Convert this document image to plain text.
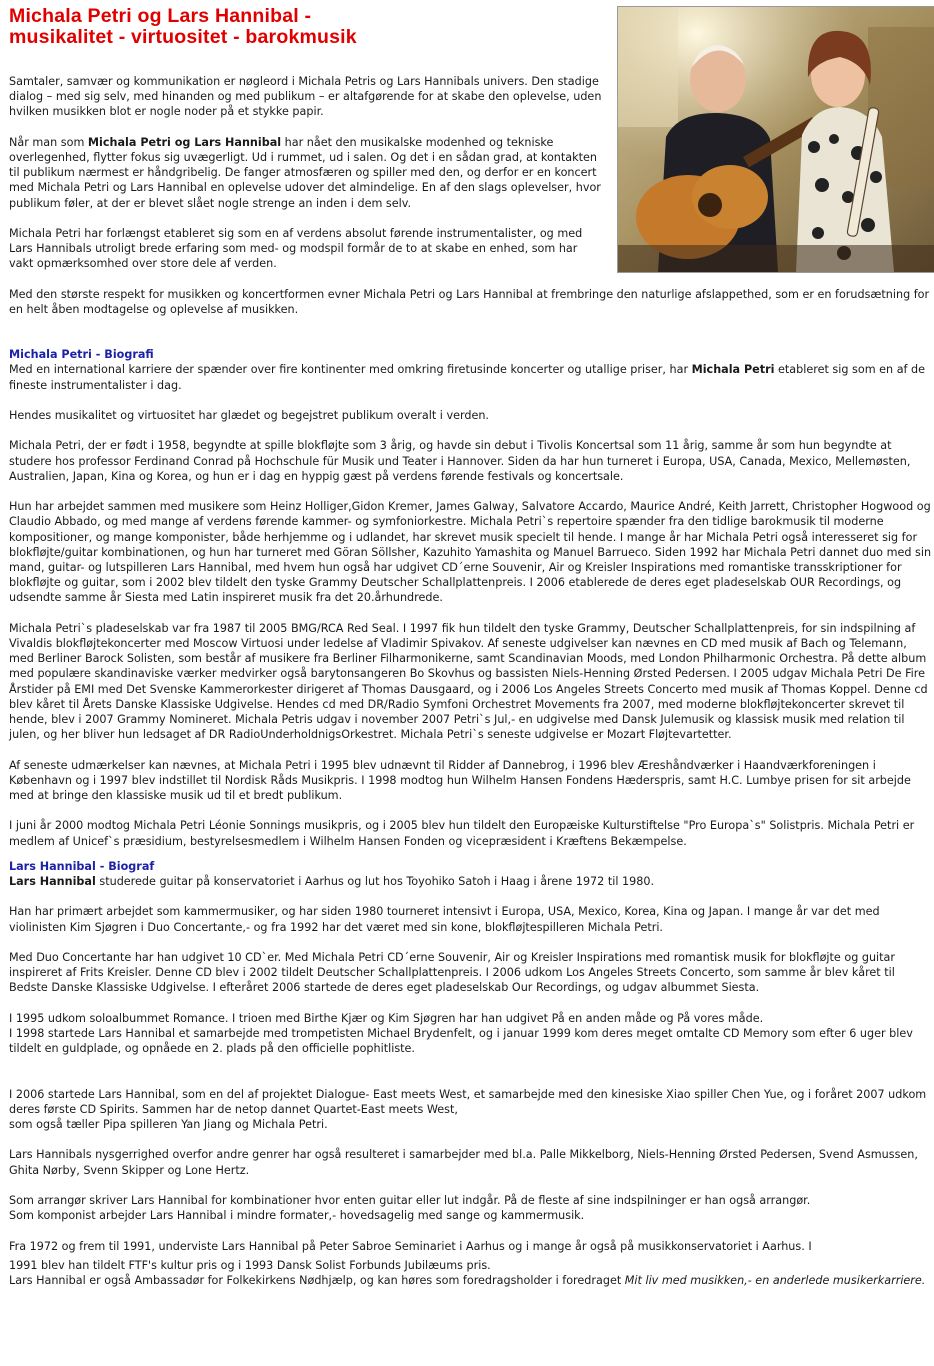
Michala Petri og Lars Hannibal -
musikalitet - virtuositet - barokmusik

Samtaler, samvær og kommunikation er nøgleord i Michala Petris og Lars Hannibals univers. Den stadige dialog – med sig selv, med hinanden og med publikum – er altafgørende for at skabe den oplevelse, uden hvilken musikken blot er nogle noder på et stykke papir.

Når man som Michala Petri og Lars Hannibal har nået den musikalske modenhed og tekniske overlegenhed, flytter fokus sig uvægerligt. Ud i rummet, ud i salen. Og det i en sådan grad, at kontakten til publikum nærmest er håndgribelig. De fanger atmosfæren og spiller med den, og derfor er en koncert med Michala Petri og Lars Hannibal en oplevelse udover det almindelige. En af den slags oplevelser, hvor publikum føler, at der er blevet slået nogle strenge an inden i dem selv.

Michala Petri har forlængst etableret sig som en af verdens absolut førende instrumentalister, og med Lars Hannibals utroligt brede erfaring som med- og modspil formår de to at skabe en enhed, som har vakt opmærksomhed over store dele af verden.

Med den største respekt for musikken og koncertformen evner Michala Petri og Lars Hannibal at frembringe den naturlige afslappethed, som er en forudsætning for en helt åben modtagelse og oplevelse af musikken.

Michala Petri - Biografi

Med en international karriere der spænder over fire kontinenter med omkring firetusinde koncerter og utallige priser, har Michala Petri etableret sig som en af de fineste instrumentalister i dag.

Hendes musikalitet og virtuositet har glædet og begejstret publikum overalt i verden.

Michala Petri, der er født i 1958, begyndte at spille blokfløjte som 3 årig, og havde sin debut i Tivolis Koncertsal som 11 årig, samme år som hun begyndte at studere hos professor Ferdinand Conrad på Hochschule für Musik und Teater i Hannover. Siden da har hun turneret i Europa, USA, Canada, Mexico, Mellemøsten, Australien, Japan, Kina og Korea, og hun er i dag en hyppig gæst på verdens førende festivals og koncertsale.

Hun har arbejdet sammen med musikere som Heinz Holliger,Gidon Kremer, James Galway, Salvatore Accardo, Maurice André, Keith Jarrett, Christopher Hogwood og Claudio Abbado, og med mange af verdens førende kammer- og symfoniorkestre. Michala Petri`s repertoire spænder fra den tidlige barokmusik til moderne kompositioner, og mange komponister, både herhjemme og i udlandet, har skrevet musik specielt til hende. I mange år har Michala Petri også interesseret sig for blokfløjte/guitar kombinationen, og hun har turneret med Göran Söllsher, Kazuhito Yamashita og Manuel Barrueco. Siden 1992 har Michala Petri dannet duo med sin mand, guitar- og lutspilleren Lars Hannibal, med hvem hun også har udgivet CD´erne Souvenir, Air og Kreisler Inspirations med romantiske transskriptioner for blokfløjte og guitar, som i 2002 blev tildelt den tyske Grammy Deutscher Schallplattenpreis. I 2006 etablerede de deres eget pladeselskab OUR Recordings, og udsendte samme år Siesta med Latin inspireret musik fra det 20.århundrede.

Michala Petri`s pladeselskab var fra 1987 til 2005 BMG/RCA Red Seal. I 1997 fik hun tildelt den tyske Grammy, Deutscher Schallplattenpreis, for sin indspilning af Vivaldis blokfløjtekoncerter med Moscow Virtuosi under ledelse af Vladimir Spivakov. Af seneste udgivelser kan nævnes en CD med musik af Bach og Telemann, med Berliner Barock Solisten, som består af musikere fra Berliner Filharmonikerne, samt Scandinavian Moods, med London Philharmonic Orchestra. På dette album med populære skandinaviske værker medvirker også barytonsangeren Bo Skovhus og bassisten Niels-Henning Ørsted Pedersen. I 2005 udgav Michala Petri De Fire Årstider på EMI med Det Svenske Kammerorkester dirigeret af Thomas Dausgaard, og i 2006 Los Angeles Streets Concerto med musik af Thomas Koppel. Denne cd blev kåret til Årets Danske Klassiske Udgivelse. Hendes cd med DR/Radio Symfoni Orchestret Movements fra 2007, med moderne blokfløjtekoncerter skrevet til hende, blev i 2007 Grammy Nomineret. Michala Petris udgav i november 2007 Petri`s Jul,- en udgivelse med Dansk Julemusik og klassisk musik med relation til julen, og her bliver hun ledsaget af DR RadioUnderholdnigsOrkestret. Michala Petri`s seneste udgivelse er Mozart Fløjtevartetter.

Af seneste udmærkelser kan nævnes, at Michala Petri i 1995 blev udnævnt til Ridder af Dannebrog, i 1996 blev Æreshåndværker i Haandværkforeningen i København og i 1997 blev indstillet til Nordisk Råds Musikpris. I 1998 modtog hun Wilhelm Hansen Fondens Hæderspris, samt H.C. Lumbye prisen for sit arbejde med at bringe den klassiske musik ud til et bredt publikum.

I juni år 2000 modtog Michala Petri Léonie Sonnings musikpris, og i 2005 blev hun tildelt den Europæiske Kulturstiftelse "Pro Europa`s" Solistpris. Michala Petri er medlem af Unicef`s præsidium, bestyrelsesmedlem i Wilhelm Hansen Fonden og vicepræsident i Kræftens Bekæmpelse.

Lars Hannibal - Biograf

Lars Hannibal studerede guitar på konservatoriet i Aarhus og lut hos Toyohiko Satoh i Haag i årene 1972 til 1980.

Han har primært arbejdet som kammermusiker, og har siden 1980 tourneret intensivt i Europa, USA, Mexico, Korea, Kina og Japan. I mange år var det med violinisten Kim Sjøgren i Duo Concertante,- og fra 1992 har det været med sin kone, blokfløjtespilleren Michala Petri.

Med Duo Concertante har han udgivet 10 CD`er. Med Michala Petri CD´erne Souvenir, Air og Kreisler Inspirations med romantisk musik for blokfløjte og guitar inspireret af Frits Kreisler. Denne CD blev i 2002 tildelt Deutscher Schallplattenpreis. I 2006 udkom Los Angeles Streets Concerto, som samme år blev kåret til Bedste Danske Klassiske Udgivelse. I efteråret 2006 startede de deres eget pladeselskab Our Recordings, og udgav albummet Siesta.

I 1995 udkom soloalbummet Romance. I trioen med Birthe Kjær og Kim Sjøgren har han udgivet På en anden måde og På vores måde.
I 1998 startede Lars Hannibal et samarbejde med trompetisten Michael Brydenfelt, og i januar 1999 kom deres meget omtalte CD Memory som efter 6 uger blev tildelt en guldplade, og opnåede en 2. plads på den officielle pophitliste.

I 2006 startede Lars Hannibal, som en del af projektet Dialogue- East meets West, et samarbejde med den kinesiske Xiao spiller Chen Yue, og i foråret 2007 udkom deres første CD Spirits. Sammen har de netop dannet Quartet-East meets West,
som også tæller Pipa spilleren Yan Jiang og Michala Petri.

Lars Hannibals nysgerrighed overfor andre genrer har også resulteret i samarbejder med bl.a. Palle Mikkelborg, Niels-Henning Ørsted Pedersen, Svend Asmussen, Ghita Nørby, Svenn Skipper og Lone Hertz.

Som arrangør skriver Lars Hannibal for kombinationer hvor enten guitar eller lut indgår. På de fleste af sine indspilninger er han også arrangør.
Som komponist arbejder Lars Hannibal i mindre formater,- hovedsagelig med sange og kammermusik.

Fra 1972 og frem til 1991, underviste Lars Hannibal på Peter Sabroe Seminariet i Aarhus og i mange år også på musikkonservatoriet i Aarhus. I

1991 blev han tildelt FTF's kultur pris og i 1993 Dansk Solist Forbunds Jubilæums pris.
Lars Hannibal er også Ambassadør for Folkekirkens Nødhjælp, og kan høres som foredragsholder i foredraget Mit liv med musikken,- en anderlede musikerkarriere.
